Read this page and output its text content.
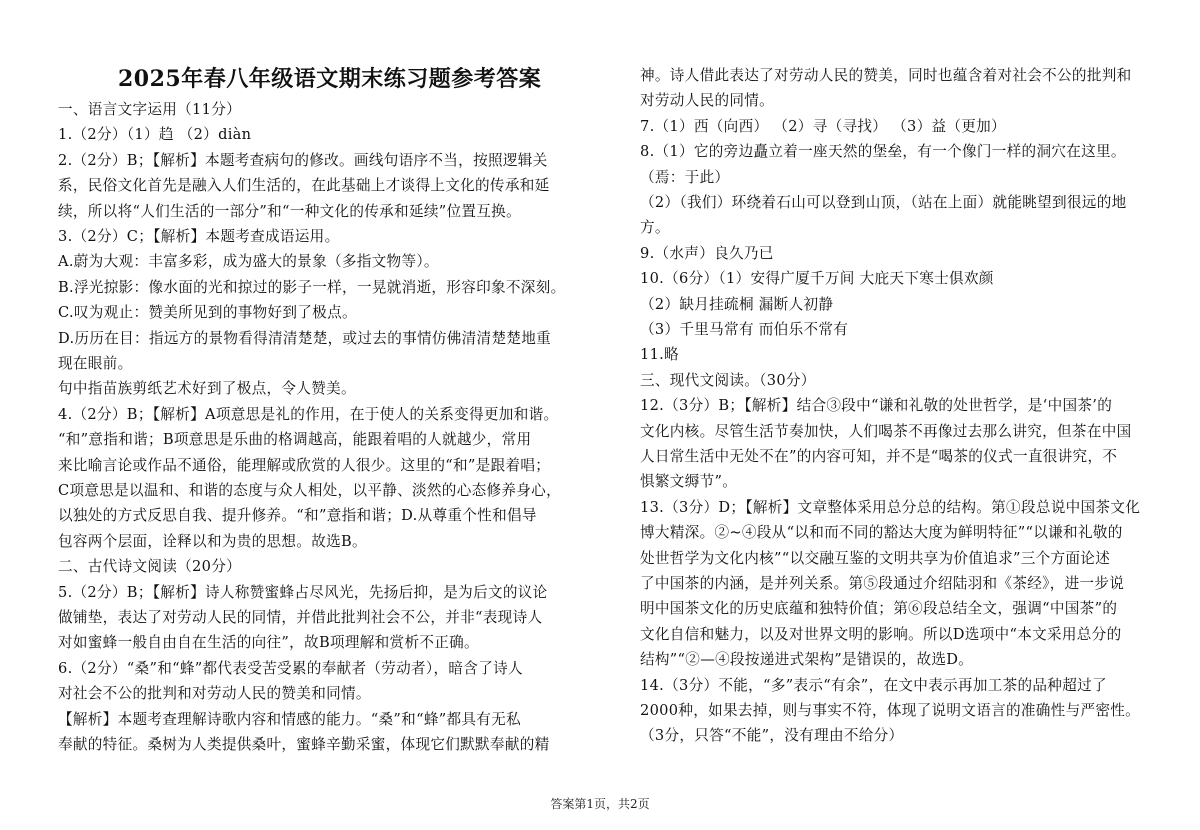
2025年春八年级语文期末练习题参考答案
一、语言文字运用（11分）
1.（2分）（1）趋 （2）diàn
2.（2分）B；【解析】本题考查病句的修改。画线句语序不当，按照逻辑关
系，民俗文化首先是融入人们生活的，在此基础上才谈得上文化的传承和延
续，所以将“人们生活的一部分”和“一种文化的传承和延续”位置互换。
3.（2分）C；【解析】本题考查成语运用。
A.蔚为大观：丰富多彩，成为盛大的景象（多指文物等）。
B.浮光掠影：像水面的光和掠过的影子一样，一晃就消逝，形容印象不深刻。
C.叹为观止：赞美所见到的事物好到了极点。
D.历历在目：指远方的景物看得清清楚楚，或过去的事情仿佛清清楚楚地重
现在眼前。
句中指苗族剪纸艺术好到了极点，令人赞美。
4.（2分）B；【解析】A项意思是礼的作用，在于使人的关系变得更加和谐。
“和”意指和谐；B项意思是乐曲的格调越高，能跟着唱的人就越少，常用
来比喻言论或作品不通俗，能理解或欣赏的人很少。这里的“和”是跟着唱；
C项意思是以温和、和谐的态度与众人相处，以平静、淡然的心态修养身心，
以独处的方式反思自我、提升修养。“和”意指和谐；D.从尊重个性和倡导
包容两个层面，诠释以和为贵的思想。故选B。
二、古代诗文阅读（20分）
5.（2分）B；【解析】诗人称赞蜜蜂占尽风光，先扬后抑，是为后文的议论
做铺垫，表达了对劳动人民的同情，并借此批判社会不公，并非“表现诗人
对如蜜蜂一般自由自在生活的向往”，故B项理解和赏析不正确。
6.（2分）“桑”和“蜂”都代表受苦受累的奉献者（劳动者），暗含了诗人
对社会不公的批判和对劳动人民的赞美和同情。
【解析】本题考查理解诗歌内容和情感的能力。“桑”和“蜂”都具有无私
奉献的特征。桑树为人类提供桑叶，蜜蜂辛勤采蜜，体现它们默默奉献的精
神。诗人借此表达了对劳动人民的赞美，同时也蕴含着对社会不公的批判和
对劳动人民的同情。
7.（1）西（向西） （2）寻（寻找） （3）益（更加）
8.（1）它的旁边矗立着一座天然的堡垒，有一个像门一样的洞穴在这里。
（焉：于此）
（2）（我们）环绕着石山可以登到山顶，（站在上面）就能眺望到很远的地
方。
9.（水声）良久乃已
10.（6分）（1）安得广厦千万间 大庇天下寒士俱欢颜
（2）缺月挂疏桐 漏断人初静
（3）千里马常有 而伯乐不常有
11.略
三、现代文阅读。（30分）
12.（3分）B；【解析】结合③段中“谦和礼敬的处世哲学，是‘中国茶’的
文化内核。尽管生活节奏加快，人们喝茶不再像过去那么讲究，但茶在中国
人日常生活中无处不在”的内容可知，并不是“喝茶的仪式一直很讲究，不
惧繁文缛节”。
13.（3分）D；【解析】文章整体采用总分总的结构。第①段总说中国茶文化
博大精深。②~④段从“以和而不同的豁达大度为鲜明特征”“以谦和礼敬的
处世哲学为文化内核”“以交融互鉴的文明共享为价值追求”三个方面论述
了中国茶的内涵，是并列关系。第⑤段通过介绍陆羽和《茶经》，进一步说
明中国茶文化的历史底蕴和独特价值；第⑥段总结全文，强调“中国茶”的
文化自信和魅力，以及对世界文明的影响。所以D选项中“本文采用总分的
结构”“②—④段按递进式架构”是错误的，故选D。
14.（3分）不能，“多”表示“有余”，在文中表示再加工茶的品种超过了
2000种，如果去掉，则与事实不符，体现了说明文语言的准确性与严密性。
（3分，只答“不能”，没有理由不给分）
答案第1页，共2页
